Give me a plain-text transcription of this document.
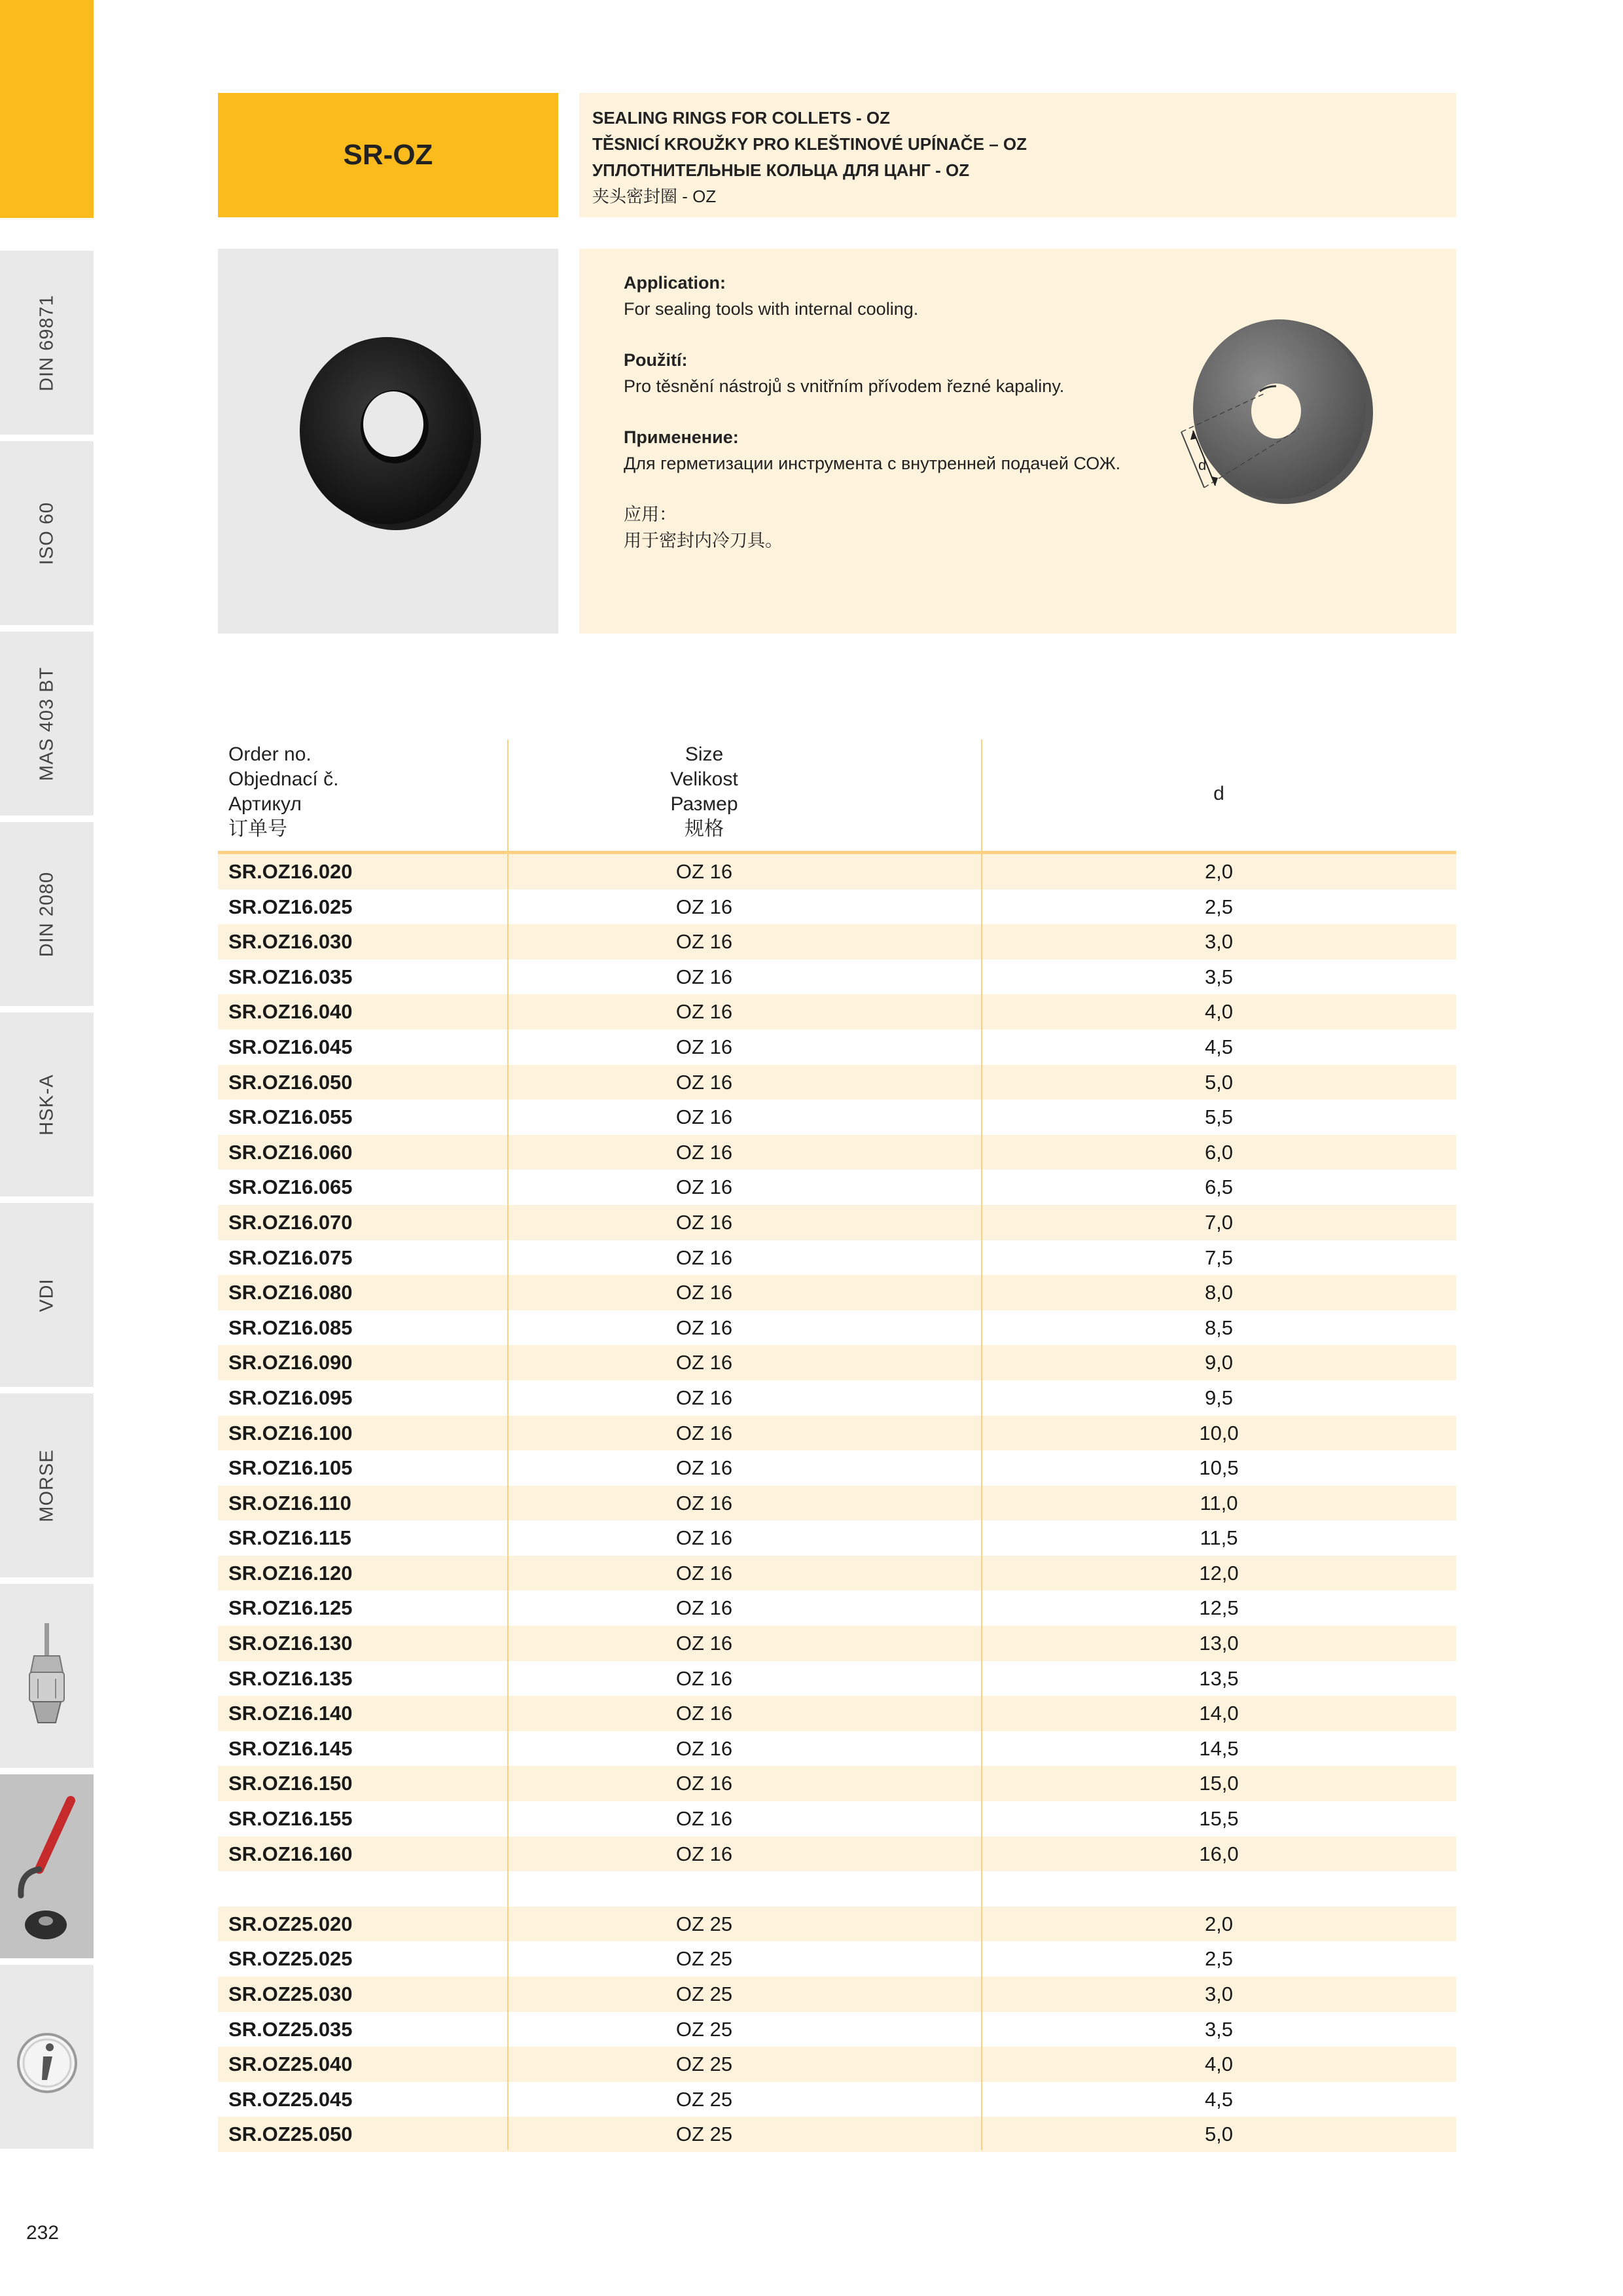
DIN 69871
ISO 60
MAS 403 BT
DIN 2080
HSK-A
VDI
MORSE
232
SR-OZ
SEALING RINGS FOR COLLETS - OZ
TĚSNICÍ KROUŽKY PRO KLEŠTINOVÉ UPÍNAČE – OZ
УПЛОТНИТЕЛЬНЫЕ КОЛЬЦА ДЛЯ ЦАНГ - OZ
夹头密封圈 - OZ
Application:
For sealing tools with internal cooling.
Použití:
Pro těsnění nástrojů s vnitřním přívodem řezné kapaliny.
Применение:
Для герметизации инструмента с внутренней подачей СОЖ.
应用：
用于密封内冷刀具。
d
Order no.
Objednací č.
Артикул
订单号
Size
Velikost
Размер
规格
d
SR.OZ16.020	OZ 16	2,0
SR.OZ16.025	OZ 16	2,5
SR.OZ16.030	OZ 16	3,0
SR.OZ16.035	OZ 16	3,5
SR.OZ16.040	OZ 16	4,0
SR.OZ16.045	OZ 16	4,5
SR.OZ16.050	OZ 16	5,0
SR.OZ16.055	OZ 16	5,5
SR.OZ16.060	OZ 16	6,0
SR.OZ16.065	OZ 16	6,5
SR.OZ16.070	OZ 16	7,0
SR.OZ16.075	OZ 16	7,5
SR.OZ16.080	OZ 16	8,0
SR.OZ16.085	OZ 16	8,5
SR.OZ16.090	OZ 16	9,0
SR.OZ16.095	OZ 16	9,5
SR.OZ16.100	OZ 16	10,0
SR.OZ16.105	OZ 16	10,5
SR.OZ16.110	OZ 16	11,0
SR.OZ16.115	OZ 16	11,5
SR.OZ16.120	OZ 16	12,0
SR.OZ16.125	OZ 16	12,5
SR.OZ16.130	OZ 16	13,0
SR.OZ16.135	OZ 16	13,5
SR.OZ16.140	OZ 16	14,0
SR.OZ16.145	OZ 16	14,5
SR.OZ16.150	OZ 16	15,0
SR.OZ16.155	OZ 16	15,5
SR.OZ16.160	OZ 16	16,0
SR.OZ25.020	OZ 25	2,0
SR.OZ25.025	OZ 25	2,5
SR.OZ25.030	OZ 25	3,0
SR.OZ25.035	OZ 25	3,5
SR.OZ25.040	OZ 25	4,0
SR.OZ25.045	OZ 25	4,5
SR.OZ25.050	OZ 25	5,0
